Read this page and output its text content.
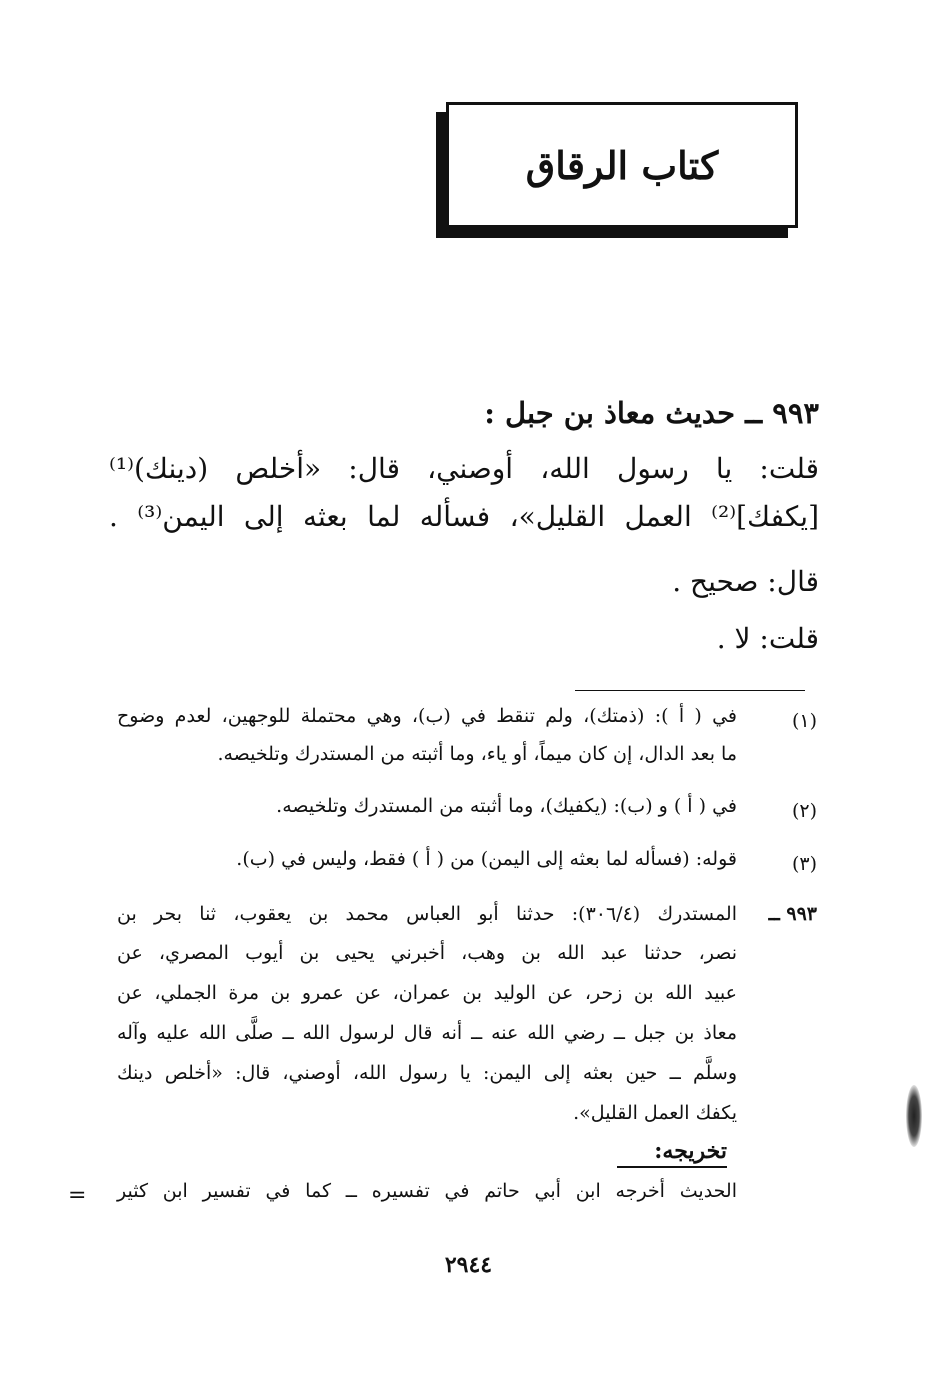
كتاب الرقاق
٩٩٣ ــ حديث معاذ بن جبل :
قلت: يا رسول الله، أوصني، قال: «أخلص (دينك)⁽¹⁾
[يكفك]⁽²⁾ العمل القليل»، فسأله لما بعثه إلى اليمن⁽³⁾ .
قال: صحيح .
قلت: لا .
(١)
في ( أ ): (ذمتك)، ولم تنقط في (ب)، وهي محتملة للوجهين، لعدم وضوح
ما بعد الدال، إن كان ميماً، أو ياء، وما أثبته من المستدرك وتلخيصه.
(٢)
في ( أ ) و (ب): (يكفيك)، وما أثبته من المستدرك وتلخيصه.
(٣)
قوله: (فسأله لما بعثه إلى اليمن) من ( أ ) فقط، وليس في (ب).
٩٩٣ ــ
المستدرك (٣٠٦/٤): حدثنا أبو العباس محمد بن يعقوب، ثنا بحر بن
نصر، حدثنا عبد الله بن وهب، أخبرني يحيى بن أيوب المصري، عن
عبيد الله بن زحر، عن الوليد بن عمران، عن عمرو بن مرة الجملي، عن
معاذ بن جبل ــ رضي الله عنه ــ أنه قال لرسول الله ــ صلَّى الله عليه وآله
وسلَّم ــ حين بعثه إلى اليمن: يا رسول الله، أوصني، قال: «أخلص دينك
يكفك العمل القليل».
تخريجه:
الحديث أخرجه ابن أبي حاتم في تفسيره ــ كما في تفسير ابن كثير
=
٢٩٤٤
